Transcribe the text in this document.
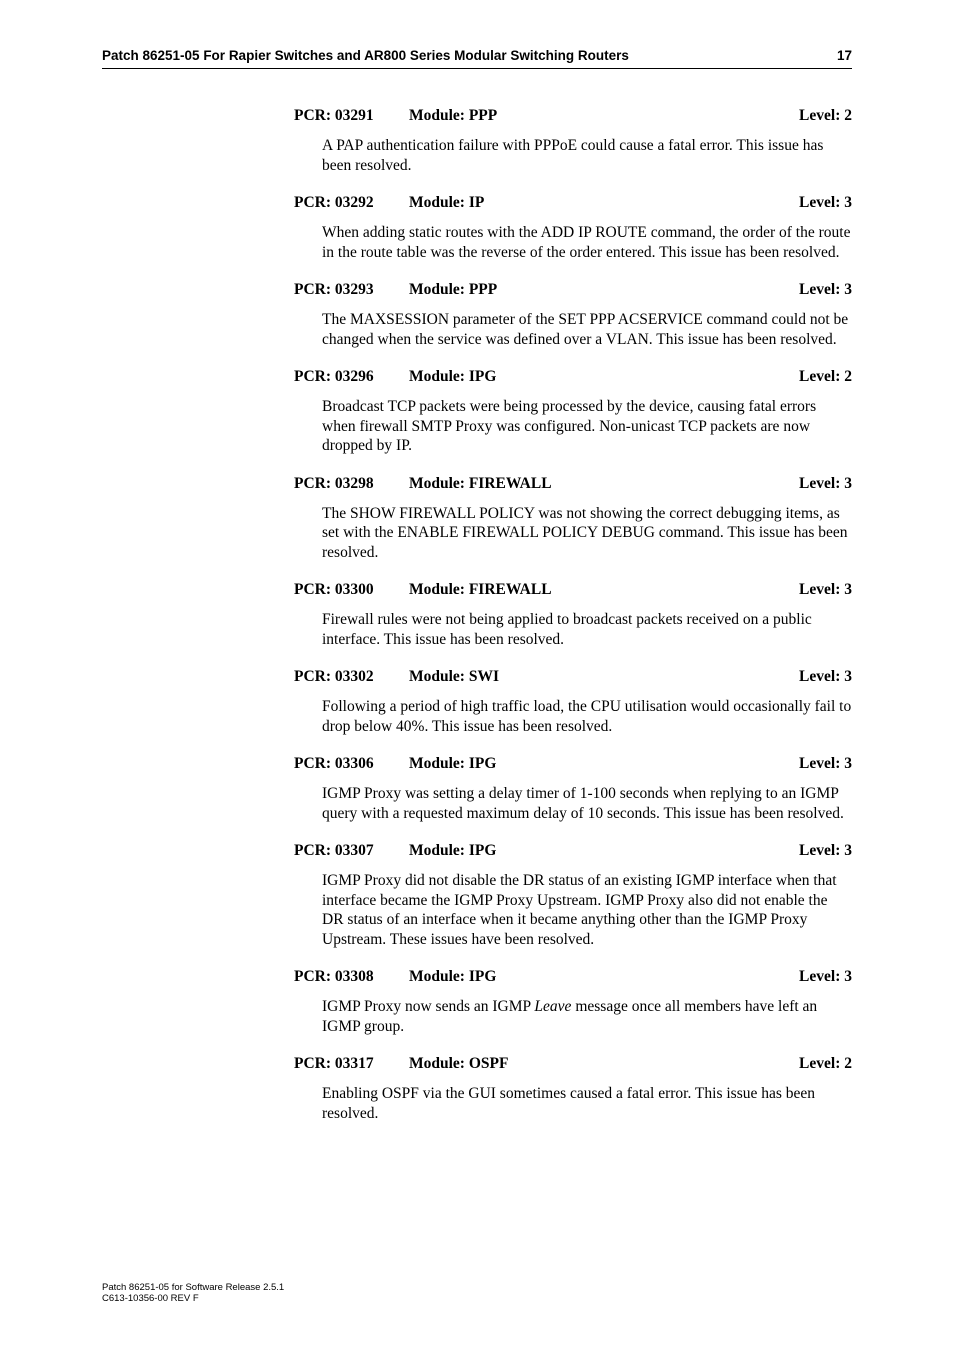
Patch 86251-05 For Rapier Switches and AR800 Series Modular Switching Routers	17
PCR: 03291 Module: PPP	Level: 2
A PAP authentication failure with PPPoE could cause a fatal error. This issue has been resolved.
PCR: 03292 Module: IP	Level: 3
When adding static routes with the ADD IP ROUTE command, the order of the route in the route table was the reverse of the order entered. This issue has been resolved.
PCR: 03293 Module: PPP	Level: 3
The MAXSESSION parameter of the SET PPP ACSERVICE command could not be changed when the service was defined over a VLAN. This issue has been resolved.
PCR: 03296 Module: IPG	Level: 2
Broadcast TCP packets were being processed by the device, causing fatal errors when firewall SMTP Proxy was configured. Non-unicast TCP packets are now dropped by IP.
PCR: 03298 Module: FIREWALL	Level: 3
The SHOW FIREWALL POLICY was not showing the correct debugging items, as set with the ENABLE FIREWALL POLICY DEBUG command. This issue has been resolved.
PCR: 03300 Module: FIREWALL	Level: 3
Firewall rules were not being applied to broadcast packets received on a public interface. This issue has been resolved.
PCR: 03302 Module: SWI	Level: 3
Following a period of high traffic load, the CPU utilisation would occasionally fail to drop below 40%. This issue has been resolved.
PCR: 03306 Module: IPG	Level: 3
IGMP Proxy was setting a delay timer of 1-100 seconds when replying to an IGMP query with a requested maximum delay of 10 seconds. This issue has been resolved.
PCR: 03307 Module: IPG	Level: 3
IGMP Proxy did not disable the DR status of an existing IGMP interface when that interface became the IGMP Proxy Upstream. IGMP Proxy also did not enable the DR status of an interface when it became anything other than the IGMP Proxy Upstream. These issues have been resolved.
PCR: 03308 Module: IPG	Level: 3
IGMP Proxy now sends an IGMP Leave message once all members have left an IGMP group.
PCR: 03317 Module: OSPF	Level: 2
Enabling OSPF via the GUI sometimes caused a fatal error. This issue has been resolved.
Patch 86251-05 for Software Release 2.5.1
C613-10356-00 REV F
